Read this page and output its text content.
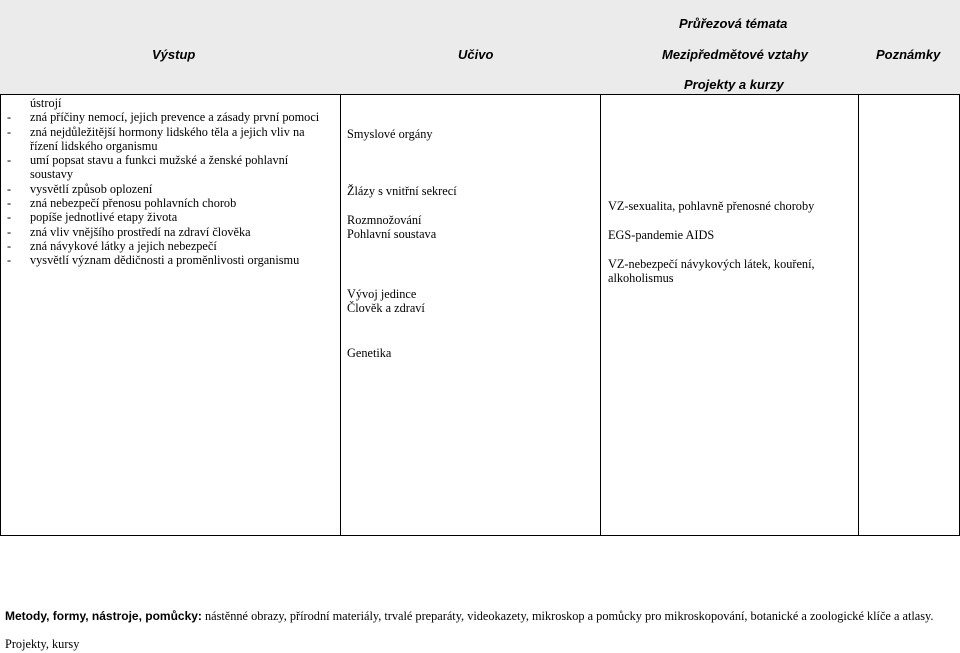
Výstup	Učivo
Průřezová témata
Mezipředmětové vztahy
Projekty a kurzy
Poznámky
ústrojí
- zná příčiny nemocí, jejich prevence a zásady první pomoci
- zná nejdůležitější hormony lidského těla a jejich vliv na
řízení lidského organismu
- umí popsat stavu a funkci mužské a ženské pohlavní
soustavy
- vysvětlí způsob oplození
- zná nebezpečí přenosu pohlavních chorob
- popíše jednotlivé etapy života
- zná vliv vnějšího prostředí na zdraví člověka
- zná návykové látky a jejich nebezpečí
- vysvětlí význam dědičnosti a proměnlivosti organismu
Smyslové orgány
Žlázy s vnitřní sekrecí
Rozmnožování
Pohlavní soustava
Vývoj jedince
Člověk a zdraví
Genetika
VZ-sexualita, pohlavně přenosné choroby
EGS-pandemie AIDS
VZ-nebezpečí návykových látek, kouření,
alkoholismus
Metody, formy, nástroje, pomůcky: nástěnné obrazy, přírodní materiály, trvalé preparáty, videokazety, mikroskop a pomůcky pro mikroskopování, botanické a zoologické klíče a atlasy.
Projekty, kursy
